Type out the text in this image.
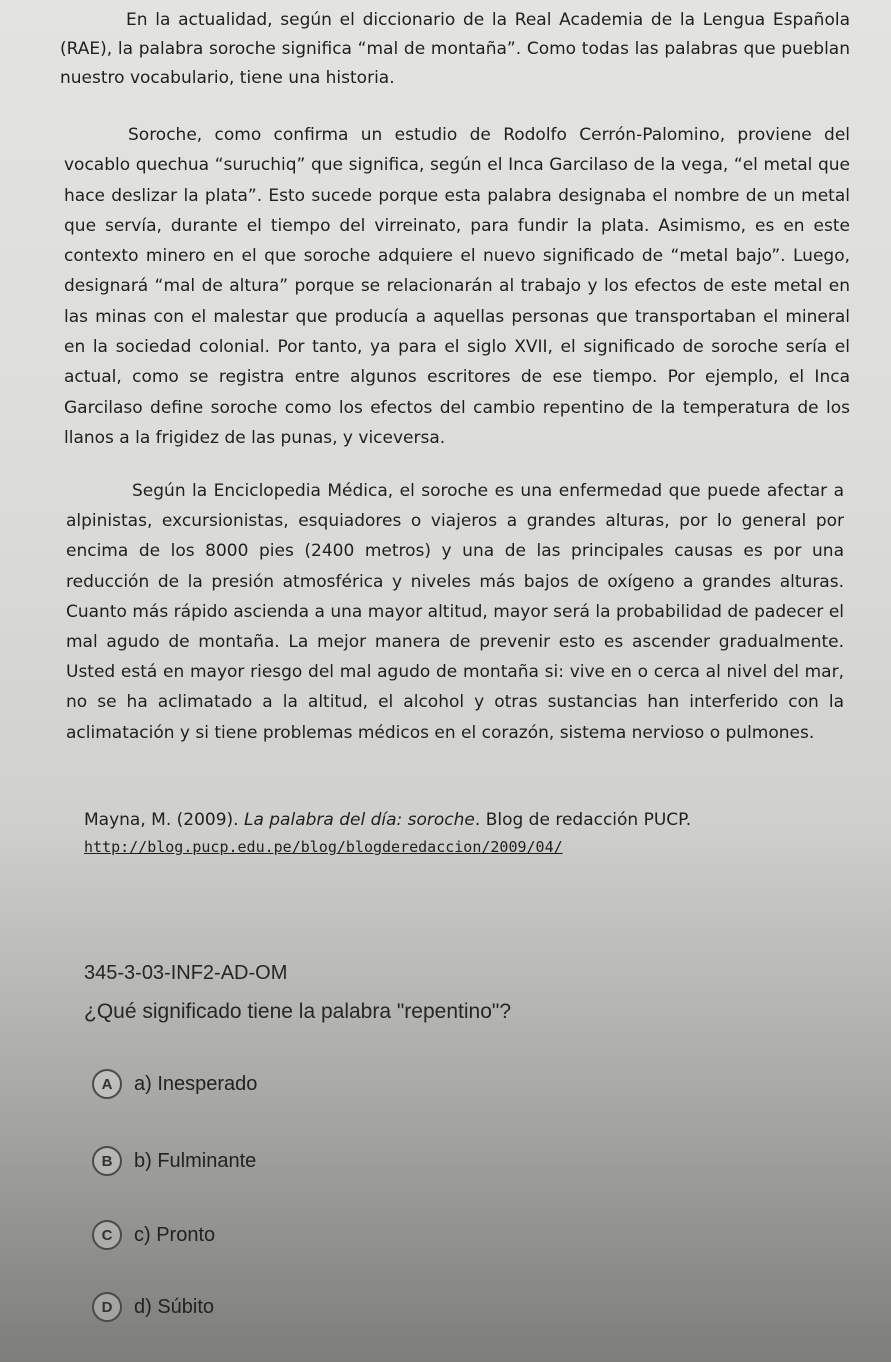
En la actualidad, según el diccionario de la Real Academia de la Lengua Española (RAE), la palabra soroche significa “mal de montaña”. Como todas las palabras que pueblan nuestro vocabulario, tiene una historia.

Soroche, como confirma un estudio de Rodolfo Cerrón-Palomino, proviene del vocablo quechua “suruchiq” que significa, según el Inca Garcilaso de la vega, “el metal que hace deslizar la plata”. Esto sucede porque esta palabra designaba el nombre de un metal que servía, durante el tiempo del virreinato, para fundir la plata. Asimismo, es en este contexto minero en el que soroche adquiere el nuevo significado de “metal bajo”. Luego, designará “mal de altura” porque se relacionarán al trabajo y los efectos de este metal en las minas con el malestar que producía a aquellas personas que transportaban el mineral en la sociedad colonial. Por tanto, ya para el siglo XVII, el significado de soroche sería el actual, como se registra entre algunos escritores de ese tiempo. Por ejemplo, el Inca Garcilaso define soroche como los efectos del cambio repentino de la temperatura de los llanos a la frigidez de las punas, y viceversa.

Según la Enciclopedia Médica, el soroche es una enfermedad que puede afectar a alpinistas, excursionistas, esquiadores o viajeros a grandes alturas, por lo general por encima de los 8000 pies (2400 metros) y una de las principales causas es por una reducción de la presión atmosférica y niveles más bajos de oxígeno a grandes alturas. Cuanto más rápido ascienda a una mayor altitud, mayor será la probabilidad de padecer el mal agudo de montaña. La mejor manera de prevenir esto es ascender gradualmente. Usted está en mayor riesgo del mal agudo de montaña si: vive en o cerca al nivel del mar, no se ha aclimatado a la altitud, el alcohol y otras sustancias han interferido con la aclimatación y si tiene problemas médicos en el corazón, sistema nervioso o pulmones.

Mayna, M. (2009). La palabra del día: soroche. Blog de redacción PUCP.

http://blog.pucp.edu.pe/blog/blogderedaccion/2009/04/

345-3-03-INF2-AD-OM

¿Qué significado tiene la palabra "repentino"?

A	a) Inesperado
B	b) Fulminante
C	c) Pronto
D	d) Súbito
